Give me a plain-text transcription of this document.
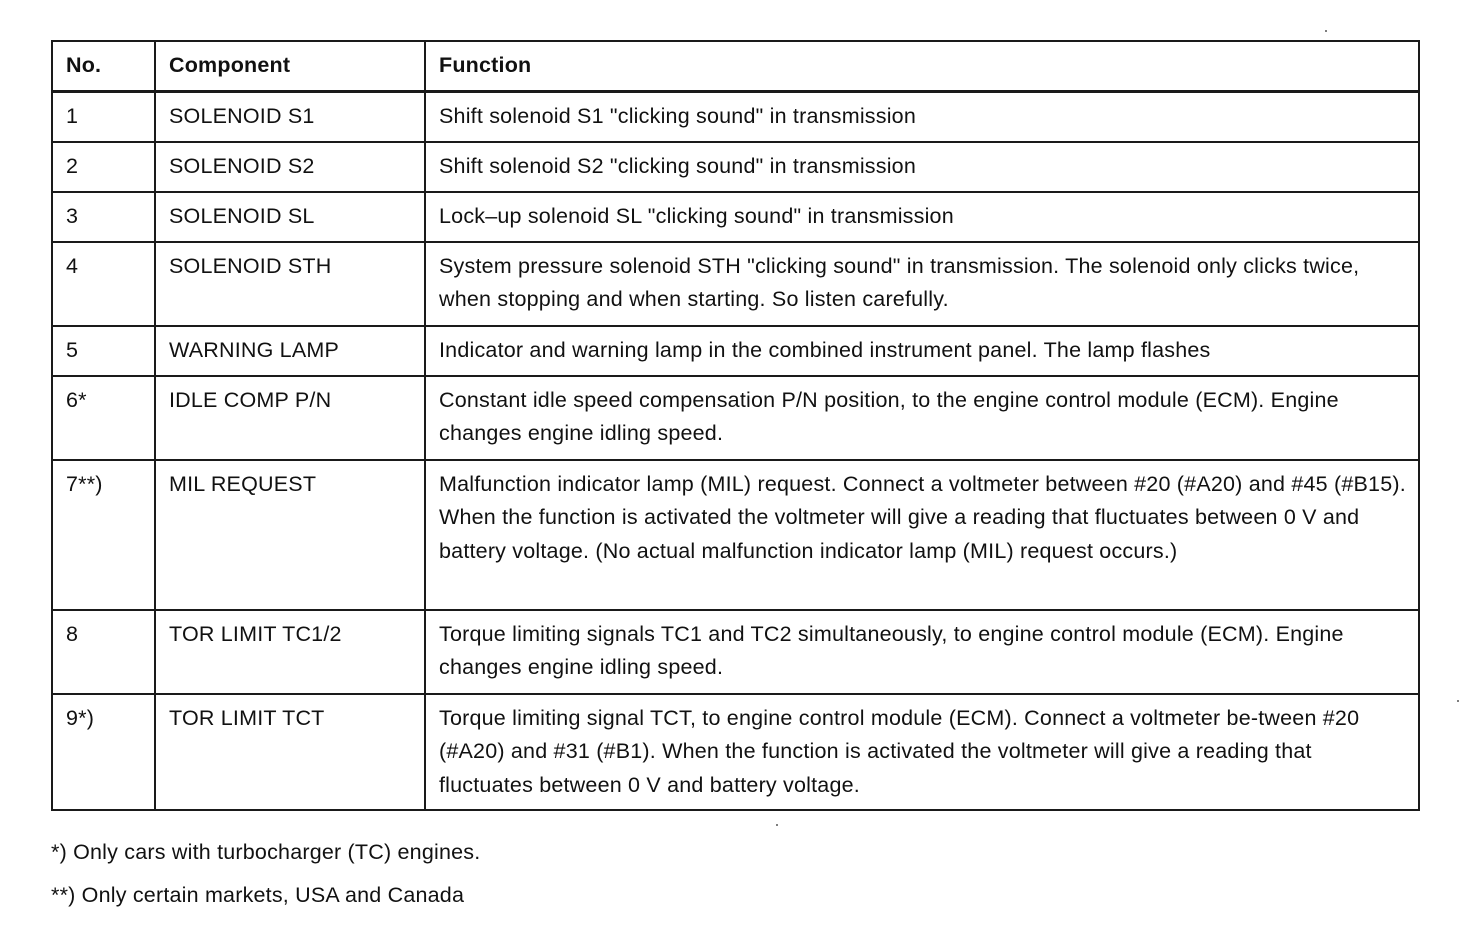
No.	Component	Function
1	SOLENOID S1	Shift solenoid S1 "clicking sound" in transmission
2	SOLENOID S2	Shift solenoid S2 "clicking sound" in transmission
3	SOLENOID SL	Lock–up solenoid SL "clicking sound" in transmission
4	SOLENOID STH	System pressure solenoid STH "clicking sound" in transmission. The solenoid only clicks twice, when stopping and when starting. So listen carefully.
5	WARNING LAMP	Indicator and warning lamp in the combined instrument panel. The lamp flashes
6*	IDLE COMP P/N	Constant idle speed compensation P/N position, to the engine control module (ECM). Engine changes engine idling speed.
7**)	MIL REQUEST	Malfunction indicator lamp (MIL) request. Connect a voltmeter between #20 (#A20) and #45 (#B15). When the function is activated the voltmeter will give a reading that fluctuates between 0 V and battery voltage. (No actual malfunction indicator lamp (MIL) request occurs.)
8	TOR LIMIT TC1/2	Torque limiting signals TC1 and TC2 simultaneously, to engine control module (ECM). Engine changes engine idling speed.
9*)	TOR LIMIT TCT	Torque limiting signal TCT, to engine control module (ECM). Connect a voltmeter be-tween #20 (#A20) and #31 (#B1). When the function is activated the voltmeter will give a reading that fluctuates between 0 V and battery voltage.
*) Only cars with turbocharger (TC) engines.
**) Only certain markets, USA and Canada
